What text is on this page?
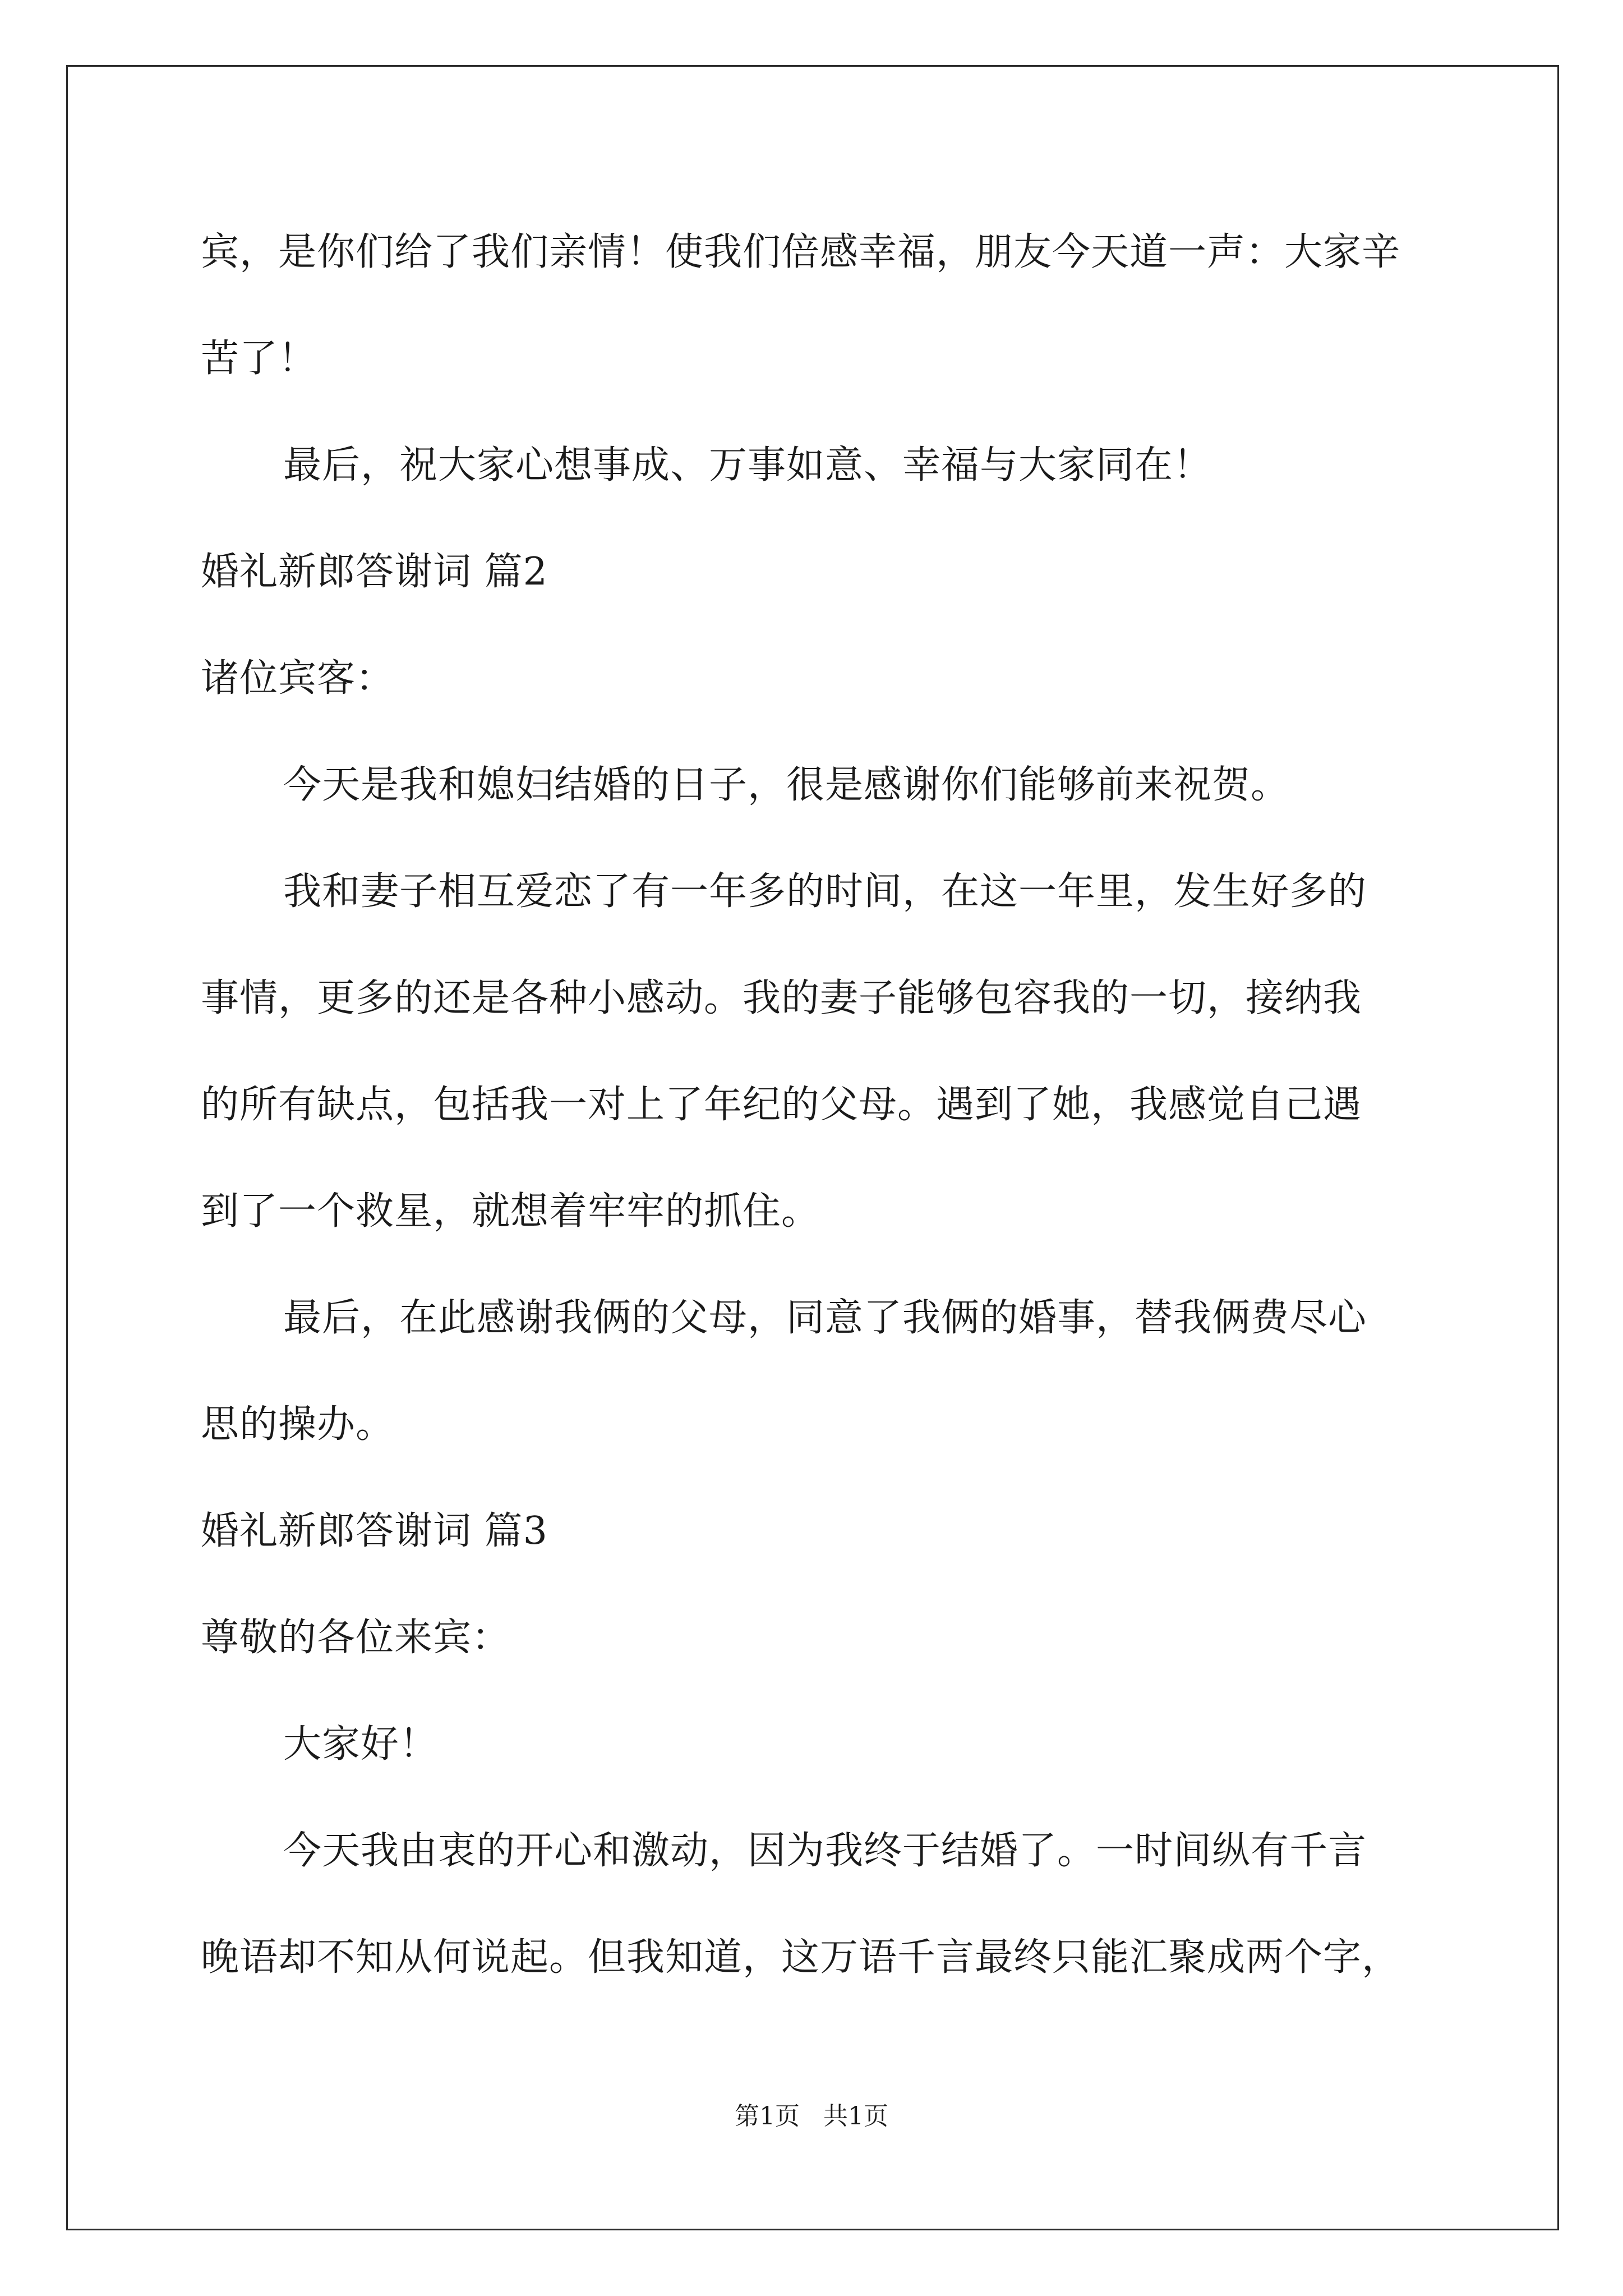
宾，是你们给了我们亲情！使我们倍感幸福，朋友今天道一声：大家辛
苦了！
最后，祝大家心想事成、万事如意、幸福与大家同在！
婚礼新郎答谢词 篇2
诸位宾客：
今天是我和媳妇结婚的日子，很是感谢你们能够前来祝贺。
我和妻子相互爱恋了有一年多的时间，在这一年里，发生好多的
事情，更多的还是各种小感动。我的妻子能够包容我的一切，接纳我
的所有缺点，包括我一对上了年纪的父母。遇到了她，我感觉自己遇
到了一个救星，就想着牢牢的抓住。
最后，在此感谢我俩的父母，同意了我俩的婚事，替我俩费尽心
思的操办。
婚礼新郎答谢词 篇3
尊敬的各位来宾：
大家好！
今天我由衷的开心和激动，因为我终于结婚了。一时间纵有千言
晚语却不知从何说起。但我知道，这万语千言最终只能汇聚成两个字，
第1页   共1页
